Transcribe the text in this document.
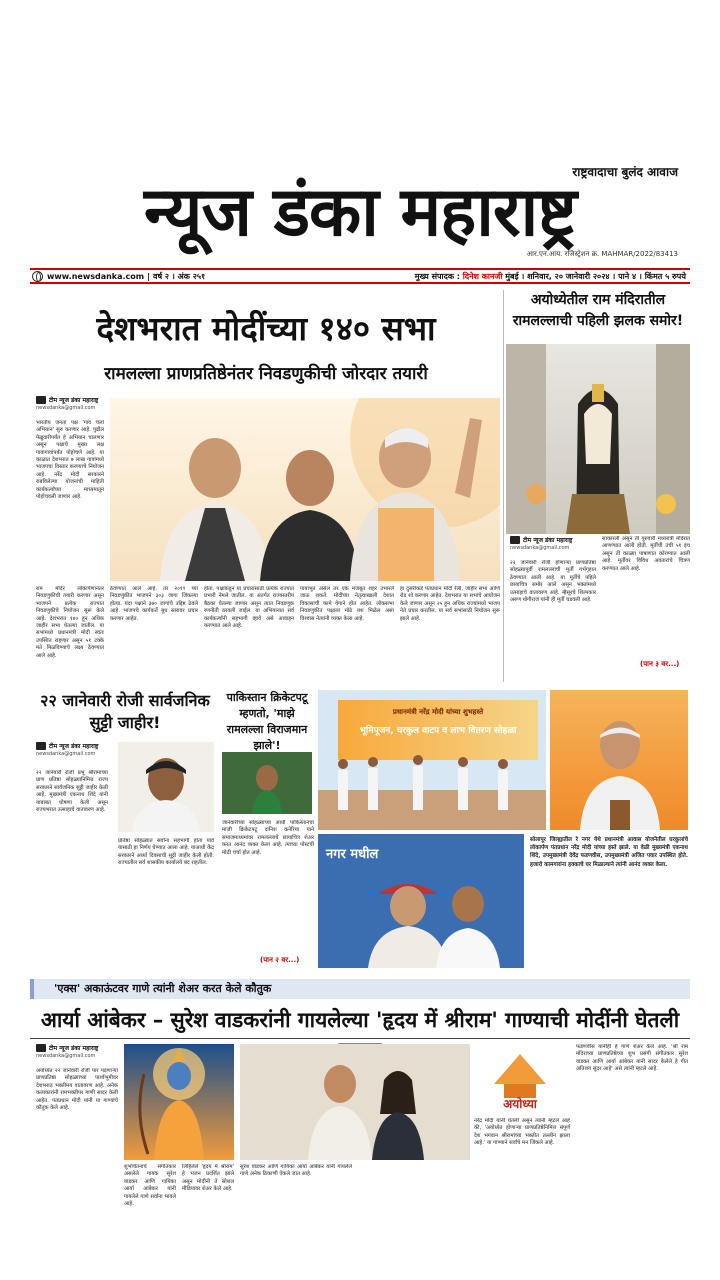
राष्ट्रवादाचा बुलंद आवाज
न्यूज डंका महाराष्ट्र
आर.एन.आय. रजिस्ट्रेशन क्र. MAHMAR/2022/83413
www.newsdanka.com | वर्ष २ । अंक २५१	मुख्य संपादक : दिनेश कानजी मुंबई । शनिवार, २० जानेवारी २०२४ । पाने ४ । किंमत ५ रुपये
देशभरात मोदींच्या १४० सभा
रामलल्ला प्राणप्रतिष्ठेनंतर निवडणुकीची जोरदार तयारी
टीम न्यूज डंका महाराष्ट्र
newsdanka@gmail.com
भारतीय जनता पक्ष 'गाव चलो अभियान' सुरु करणार आहे. पुढील फेब्रुवारीपर्यंत हे अभियान चालणार असून पक्षाचे मुख्य लक्ष गावागावांपर्यंत पोहोचणे आहे. या काळात देशभरात ७ लाख गावांमध्ये भाजपचा विस्तार करण्याचे नियोजन आहे. नरेंद्र मोदी सरकारने राबविलेल्या योजनांची माहिती कार्यकर्त्यांच्या माध्यमातून पोहोचवली जाणार आहे.
राम मंदिर लोकार्पणानंतर निवडणुकीची तयारी करणार असून भाजपने प्रत्येक राज्यात निवडणुकीचे नियोजन सुरू केले आहे. देशभरात १४० हून अधिक जाहीर सभा घेतल्या जातील. या सभांमध्ये प्रधानमंत्री मोदी स्वतः उपस्थित राहणार असून ५१ टक्के मते मिळविण्याचे लक्ष्य ठेवण्यात आले आहे.
ठेवण्यात आले आहे. तर २०१९ च्या निवडणुकीत भाजपने ३०३ जागा जिंकल्या होत्या. यंदा पक्षाने ३७० जागांचे उद्दिष्ट ठेवले आहे. भाजपचे कार्यकर्ते बूथ स्तरावर प्रचार करणार आहेत.
होता. पक्षाकडून या प्रचारासाठी प्रत्येक राज्यात प्रभारी नेमले जातील. या अंतर्गत राज्यस्तरीय बैठका घेतल्या जाणार असून त्यात निवडणूक रणनीती ठरवली जाईल. या अभियानात सर्व कार्यकर्त्यांनी सहभागी व्हावे असे आवाहन करण्यात आले आहे.
पायाभूत असेल तर एक मजबूत शहर उभारले जाऊ शकते. मोदींच्या नेतृत्वाखाली देशात विकासाची कामे वेगाने होत आहेत. लोकसभा निवडणुकीत पक्षाला मोठे यश मिळेल असा विश्वास नेत्यांनी व्यक्त केला आहे.
हा दुसरीकडे पंतप्रधान मोदी रॅली, जाहीर सभा आणि रोड शो करणार आहेत. देशभरात या सभांचे आयोजन केले जाणार असून २५ हून अधिक राज्यांमध्ये भाजप नेते प्रचार करतील. या सर्व सभांसाठी नियोजन सुरू झाले आहे.
अयोध्येतील राम मंदिरातील रामलल्लाची पहिली झलक समोर!
टीम न्यूज डंका महाराष्ट्र
newsdanka@gmail.com
२२ जानेवारी रोजी होणाऱ्या प्राणप्रतिष्ठा सोहळ्यापूर्वी रामलल्लाची मूर्ती गर्भगृहात ठेवण्यात आली आहे. या मूर्तीचे पहिले छायाचित्र समोर आले असून भक्तांमध्ये उत्साहाचे वातावरण आहे. म्हैसूरचे शिल्पकार अरुण योगीराज यांनी ही मूर्ती घडवली आहे.
साकारली असून ती गुरुवारी मध्यरात्री मंदिरात आणण्यात आली होती. मूर्तीची उंची ५१ इंच असून ती काळ्या पाषाणात कोरण्यात आली आहे. मूर्तीवर विविध अवतारांचे चित्रण करण्यात आले आहे.
(पान ३ वर...)
२२ जानेवारी रोजी सार्वजनिक सुट्टी जाहीर!
टीम न्यूज डंका महाराष्ट्र
newsdanka@gmail.com
२२ जानेवारी रोजी प्रभू श्रीरामांच्या प्राण प्रतिष्ठा सोहळ्यानिमित्त राज्य सरकारने सार्वजनिक सुट्टी जाहीर केली आहे. मुख्यमंत्री एकनाथ शिंदे यांनी याबाबत घोषणा केली असून राज्यभरात उत्साहाचे वातावरण आहे.
प्रतिष्ठा सोहळ्यात सर्वांना सहभागी होता यावे यासाठी हा निर्णय घेण्यात आला आहे. याआधी केंद्र सरकारने अर्ध्या दिवसाची सुट्टी जाहीर केली होती. राज्यातील सर्व शासकीय कार्यालये बंद राहतील.
पाकिस्तान क्रिकेटपटू म्हणतो, 'माझे रामलल्ला विराजमान झाले'!
जानेवारीच्या सोहळ्याच्या आधी पाकिस्तानचा माजी क्रिकेटपटू दानिश कनेरिया याने समाजमाध्यमांवर रामलल्लाचे छायाचित्र शेअर करत आनंद व्यक्त केला आहे. त्याच्या पोस्टची मोठी चर्चा होत आहे.
(पान २ वर...)
प्रधानमंत्री नरेंद्र मोदी यांच्या शुभहस्ते
भूमिपूजन, घरकुल वाटप व लाभ वितरण सोहळा
नगर मधील
सोलापूर जिल्ह्यातील रे नगर येथे प्रधानमंत्री आवास योजनेतील घरकुलांचे लोकार्पण पंतप्रधान नरेंद्र मोदी यांच्या हस्ते झाले. या वेळी मुख्यमंत्री एकनाथ शिंदे, उपमुख्यमंत्री देवेंद्र फडणवीस, उपमुख्यमंत्री अजित पवार उपस्थित होते. हजारो कामगारांना हक्काचे घर मिळाल्याने त्यांनी आनंद व्यक्त केला.
'एक्स' अकाऊंटवर गाणे त्यांनी शेअर करत केले कौतुक
आर्या आंबेकर – सुरेश वाडकरांनी गायलेल्या 'हृदय में श्रीराम' गाण्याची मोदींनी घेतली
टीम न्यूज डंका महाराष्ट्र
newsdanka@gmail.com
अयोध्येत २२ जानेवारी रोजी पार पडणाऱ्या प्राणप्रतिष्ठा सोहळ्याच्या पार्श्वभूमीवर देशभरात भक्तीमय वातावरण आहे. अनेक कलाकारांनी रामभक्तीपर गाणी सादर केली आहेत. पंतप्रधान मोदी यांनी या गाण्यांचे कौतुक केले आहे.	अयोध्या
शुभचिंतनाचे संगीतकार असलेले गायक सुरेश वाडकर आणि गायिका आर्या आंबेकर यांनी गायलेले गाणे सर्वांना भावले आहे.
लिहिलेले 'हृदय में श्रीराम' हे भजन प्रदर्शित झाले असून मोदींनी ते सोशल मीडियावर शेअर केले आहे.
सुरेश वाडकर आणि गायिका आर्या आंबेकर यांनी गायलेले गाणे अनेक ठिकाणी ऐकले जात आहे.
नरेंद्र मोदी यांनी घेतली असून त्यांनी म्हटले आहे की, 'अयोध्येत होणाऱ्या प्राणप्रतिष्ठेनिमित्त संपूर्ण देश भगवान श्रीरामांच्या भक्तीत तल्लीन झाला आहे.' या गाण्याने सर्वांचे मन जिंकले आहे.
फडणवीस यांनीही हे गाणे शेअर केले आहे. 'श्री राम मंदिराच्या प्राणप्रतिष्ठेच्या शुभ प्रसंगी संगीतकार सुरेश वाडकर आणि आर्या आंबेकर यांनी सादर केलेले हे गीत अतिशय सुंदर आहे' असे त्यांनी म्हटले आहे.
